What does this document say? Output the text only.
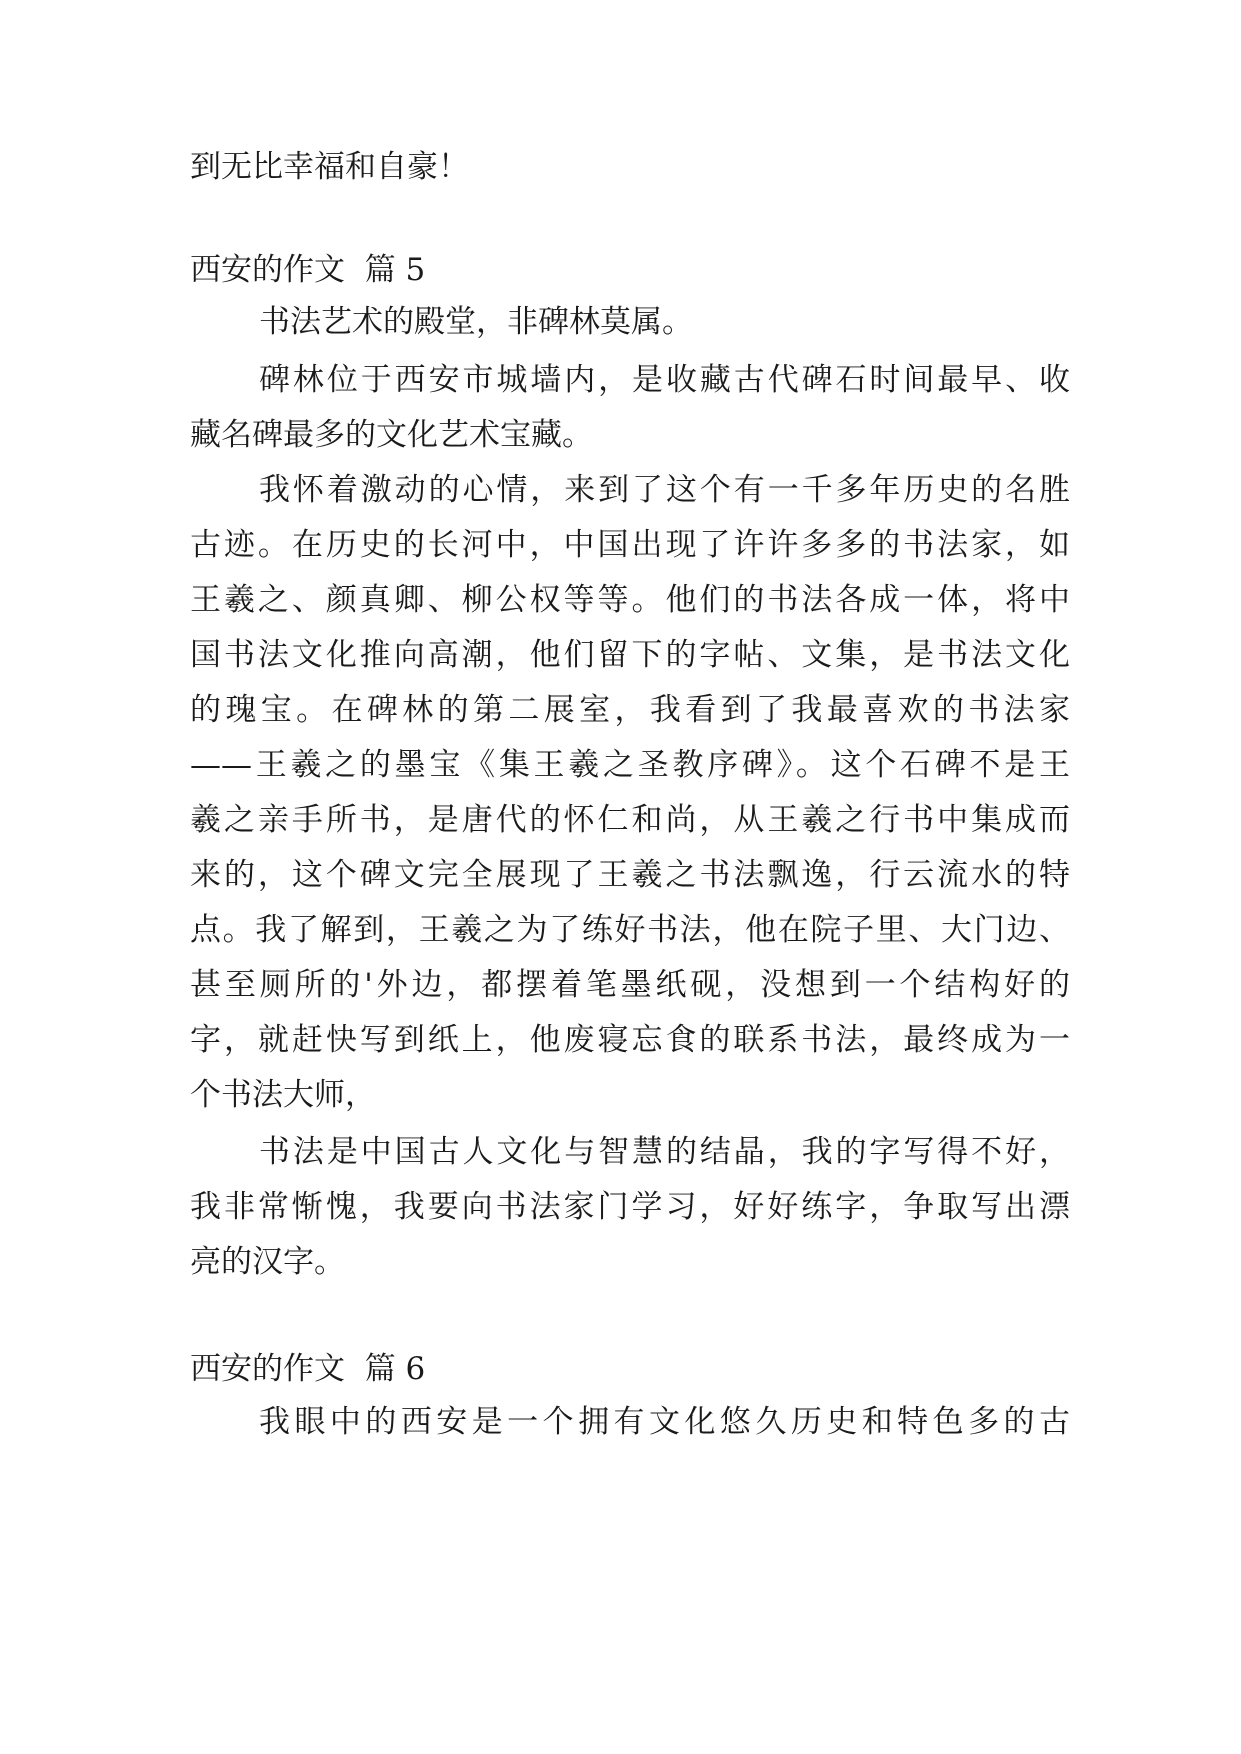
到无比幸福和自豪！
西安的作文  篇 5
书法艺术的殿堂，非碑林莫属。
碑林位于西安市城墙内，是收藏古代碑石时间最早、收
藏名碑最多的文化艺术宝藏。
我怀着激动的心情，来到了这个有一千多年历史的名胜
古迹。在历史的长河中，中国出现了许许多多的书法家，如
王羲之、颜真卿、柳公权等等。他们的书法各成一体，将中
国书法文化推向高潮，他们留下的字帖、文集，是书法文化
的瑰宝。在碑林的第二展室，我看到了我最喜欢的书法家
——王羲之的墨宝《集王羲之圣教序碑》。这个石碑不是王
羲之亲手所书，是唐代的怀仁和尚，从王羲之行书中集成而
来的，这个碑文完全展现了王羲之书法飘逸，行云流水的特
点。我了解到，王羲之为了练好书法，他在院子里、大门边、
甚至厕所的'外边，都摆着笔墨纸砚，没想到一个结构好的
字，就赶快写到纸上，他废寝忘食的联系书法，最终成为一
个书法大师，
书法是中国古人文化与智慧的结晶，我的字写得不好，
我非常惭愧，我要向书法家门学习，好好练字，争取写出漂
亮的汉字。
西安的作文  篇 6
我眼中的西安是一个拥有文化悠久历史和特色多的古
